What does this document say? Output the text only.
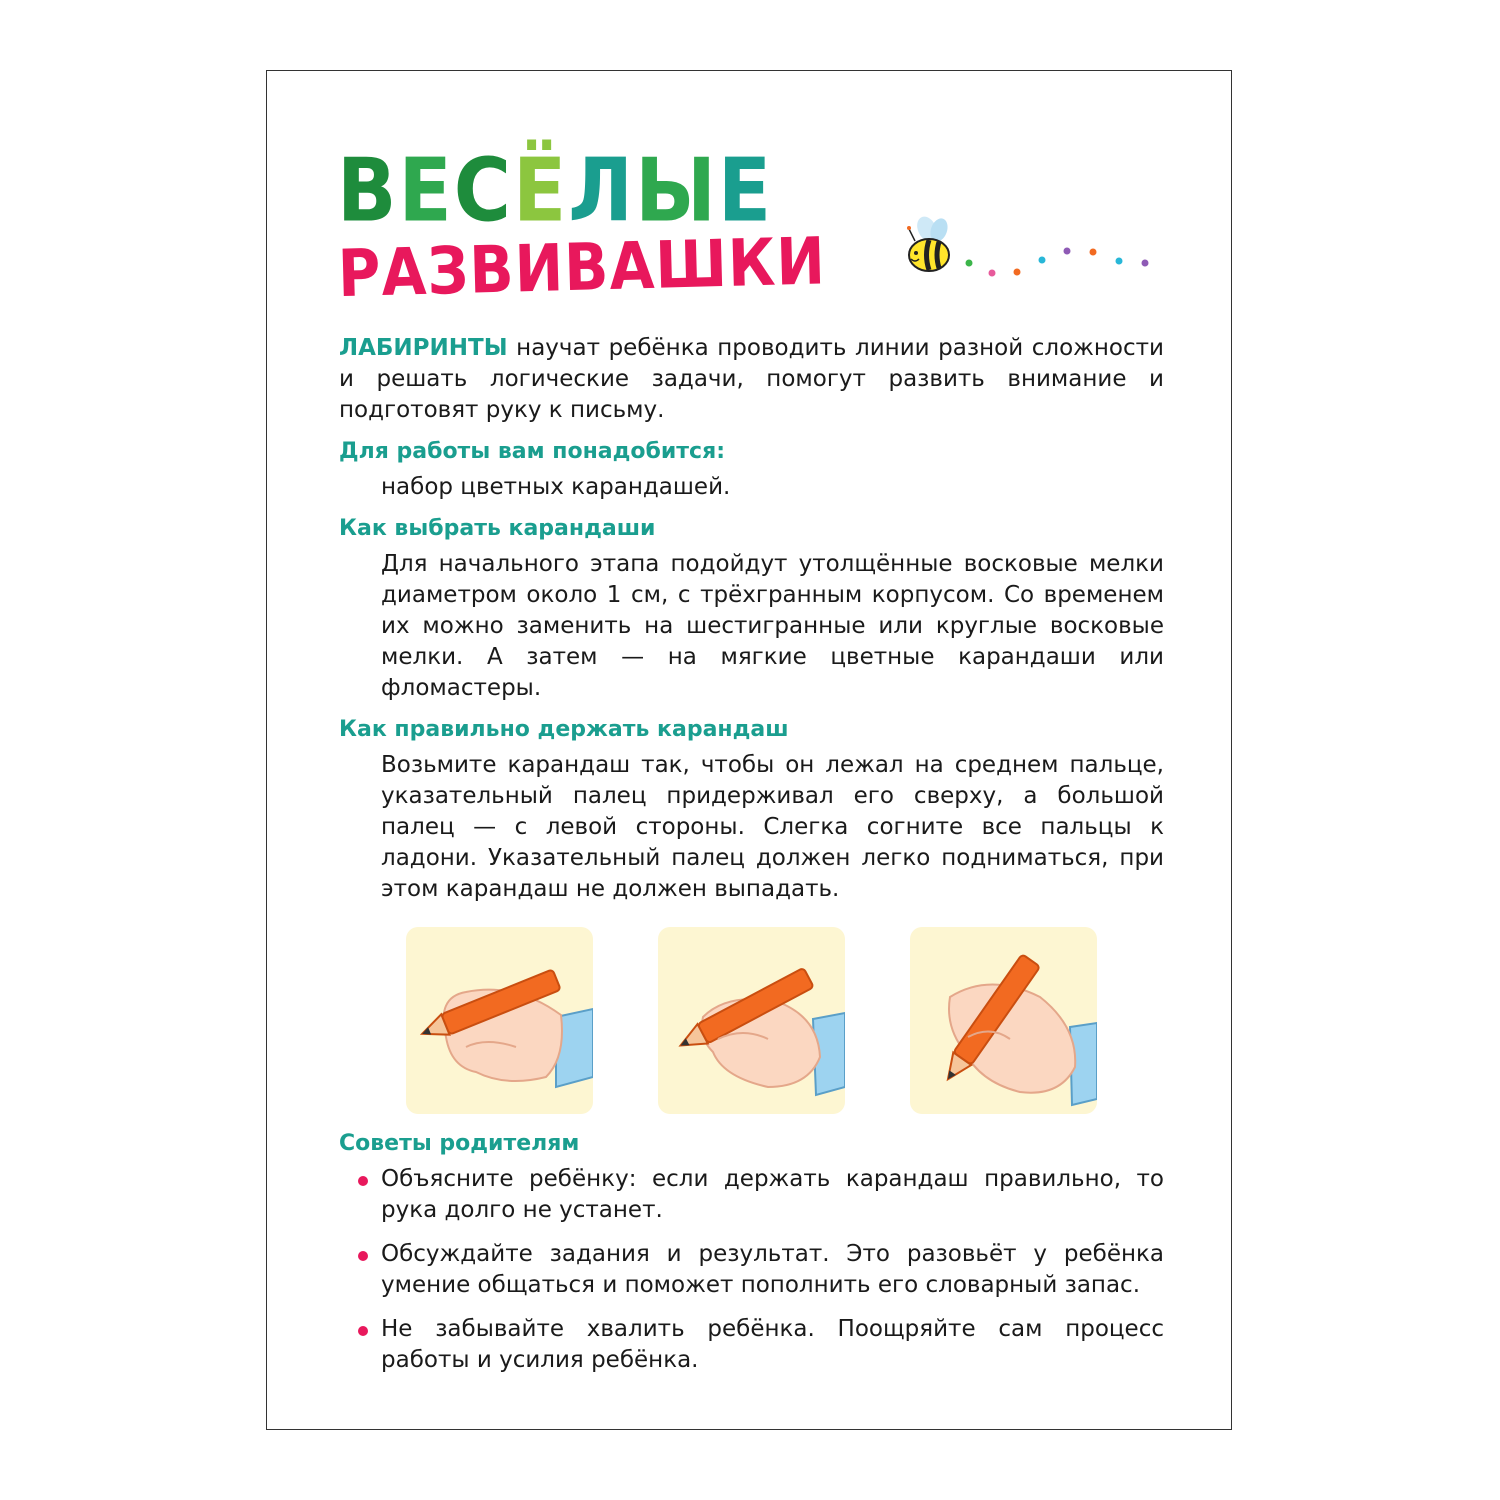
ВЕСЁЛЫЕ
РАЗВИВАШКИ

ЛАБИРИНТЫ научат ребёнка проводить линии разной сложности и решать логические задачи, помогут развить внимание и подготовят руку к письму.

Для работы вам понадобится:

набор цветных карандашей.

Как выбрать карандаши

Для начального этапа подойдут утолщённые восковые мелки диаметром около 1 см, с трёхгранным корпусом. Со временем их можно заменить на шестигранные или круглые восковые мелки. А затем — на мягкие цветные карандаши или фломастеры.

Как правильно держать карандаш

Возьмите карандаш так, чтобы он лежал на среднем пальце, указательный палец придерживал его сверху, а большой палец — с левой стороны. Слегка согните все пальцы к ладони. Указательный палец должен легко подниматься, при этом карандаш не должен выпадать.

Советы родителям

Объясните ребёнку: если держать карандаш правильно, то рука долго не устанет.

Обсуждайте задания и результат. Это разовьёт у ребёнка умение общаться и поможет пополнить его словарный запас.

Не забывайте хвалить ребёнка. Поощряйте сам процесс работы и усилия ребёнка.
